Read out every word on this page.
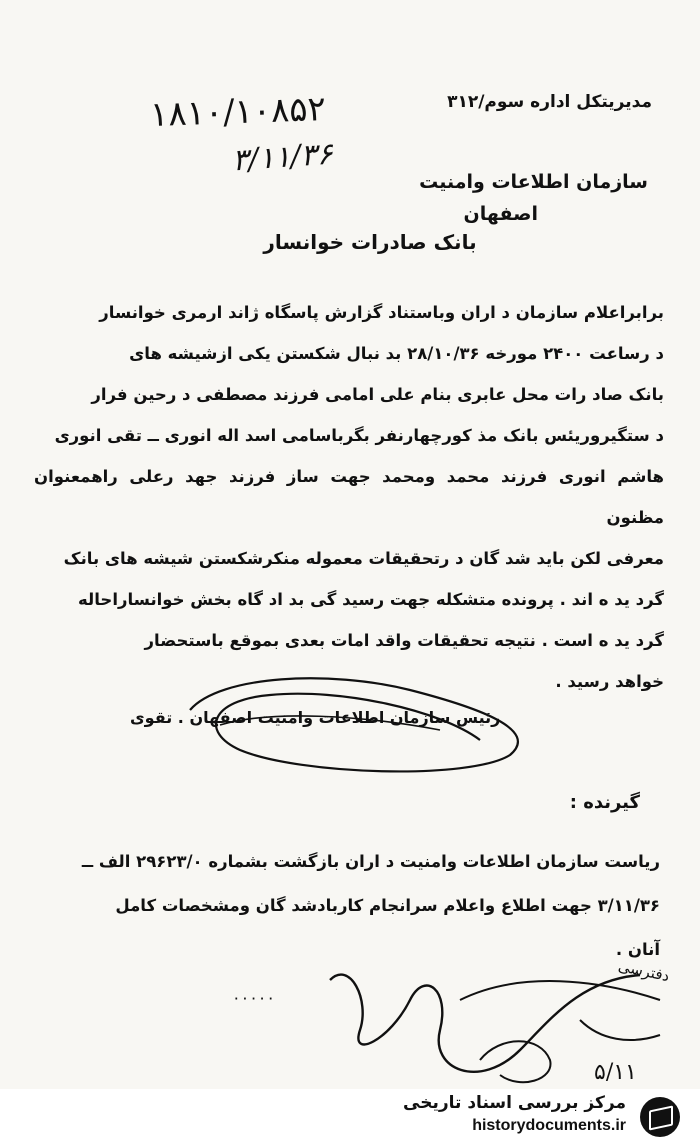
مدیریتکل اداره سوم/۳۱۲
۱۸۱۰/۱۰۸۵۲
۳/۱۱/۳۶
سازمان اطلاعات وامنیت
اصفهان
بانک صادرات خوانسار

برابراعلام سازمان د اران وباستناد گزارش پاسگاه ژاند ارمری خوانسار

د رساعت ۲۴۰۰ مورخه ۲۸/۱۰/۳۶ بد نبال شکستن یکی ازشیشه های

بانک صاد رات محل عابری بنام علی امامی فرزند مصطفی د رحین فرار

د ستگیروریئس بانک مذ کورچهارنفر بگرباسامی اسد اله انوری ــ تقی انوری

هاشم انوری فرزند محمد ومحمد جهت ساز فرزند جهد رعلی راهمعنوان مظنون

معرفی لکن باید شد گان د رتحقیقات معموله منکرشکستن شیشه های بانک

گرد ید ه اند . پرونده متشکله جهت رسید گی بد اد گاه بخش خوانساراحاله

گرد ید ه است . نتیجه تحقیقات واقد امات بعدی بموقع باستحضار

خواهد رسید .

رئیس سازمان اطلاعات وامنیت اصفهان . تقوی
گیرنده :

ریاست سازمان اطلاعات وامنیت د اران بازگشت بشماره ۲۹۶۲۳/۰ الف ــ

۳/۱۱/۳۶ جهت اطلاع واعلام سرانجام کاربادشد گان ومشخصات کامل

آنان .

۰۰۰۰۰
دفترسی
۵/۱۱
مرکز بررسی اسناد تاریخی
historydocuments.ir
